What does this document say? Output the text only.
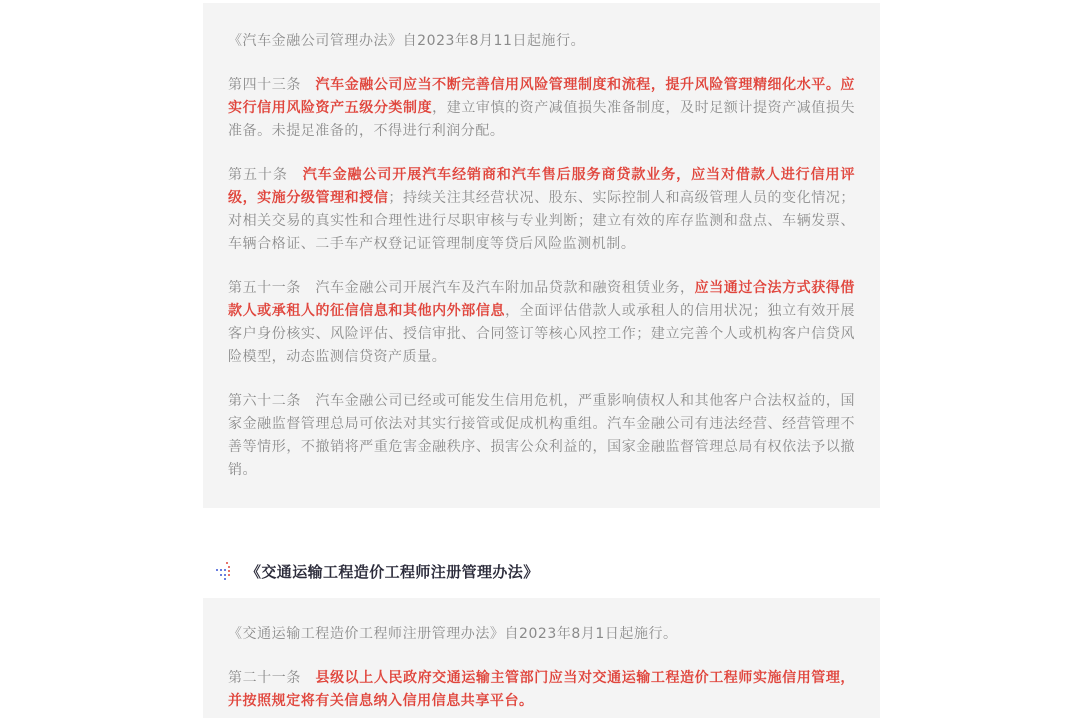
《汽车金融公司管理办法》自2023年8月11日起施行。

第四十三条　汽车金融公司应当不断完善信用风险管理制度和流程，提升风险管理精细化水平。应实行信用风险资产五级分类制度，建立审慎的资产减值损失准备制度，及时足额计提资产减值损失准备。未提足准备的，不得进行利润分配。

第五十条　汽车金融公司开展汽车经销商和汽车售后服务商贷款业务，应当对借款人进行信用评级，实施分级管理和授信；持续关注其经营状况、股东、实际控制人和高级管理人员的变化情况；对相关交易的真实性和合理性进行尽职审核与专业判断；建立有效的库存监测和盘点、车辆发票、车辆合格证、二手车产权登记证管理制度等贷后风险监测机制。

第五十一条　汽车金融公司开展汽车及汽车附加品贷款和融资租赁业务，应当通过合法方式获得借款人或承租人的征信信息和其他内外部信息，全面评估借款人或承租人的信用状况；独立有效开展客户身份核实、风险评估、授信审批、合同签订等核心风控工作；建立完善个人或机构客户信贷风险模型，动态监测信贷资产质量。

第六十二条　汽车金融公司已经或可能发生信用危机，严重影响债权人和其他客户合法权益的，国家金融监督管理总局可依法对其实行接管或促成机构重组。汽车金融公司有违法经营、经营管理不善等情形，不撤销将严重危害金融秩序、损害公众利益的，国家金融监督管理总局有权依法予以撤销。

《交通运输工程造价工程师注册管理办法》

《交通运输工程造价工程师注册管理办法》自2023年8月1日起施行。

第二十一条　县级以上人民政府交通运输主管部门应当对交通运输工程造价工程师实施信用管理，并按照规定将有关信息纳入信用信息共享平台。
